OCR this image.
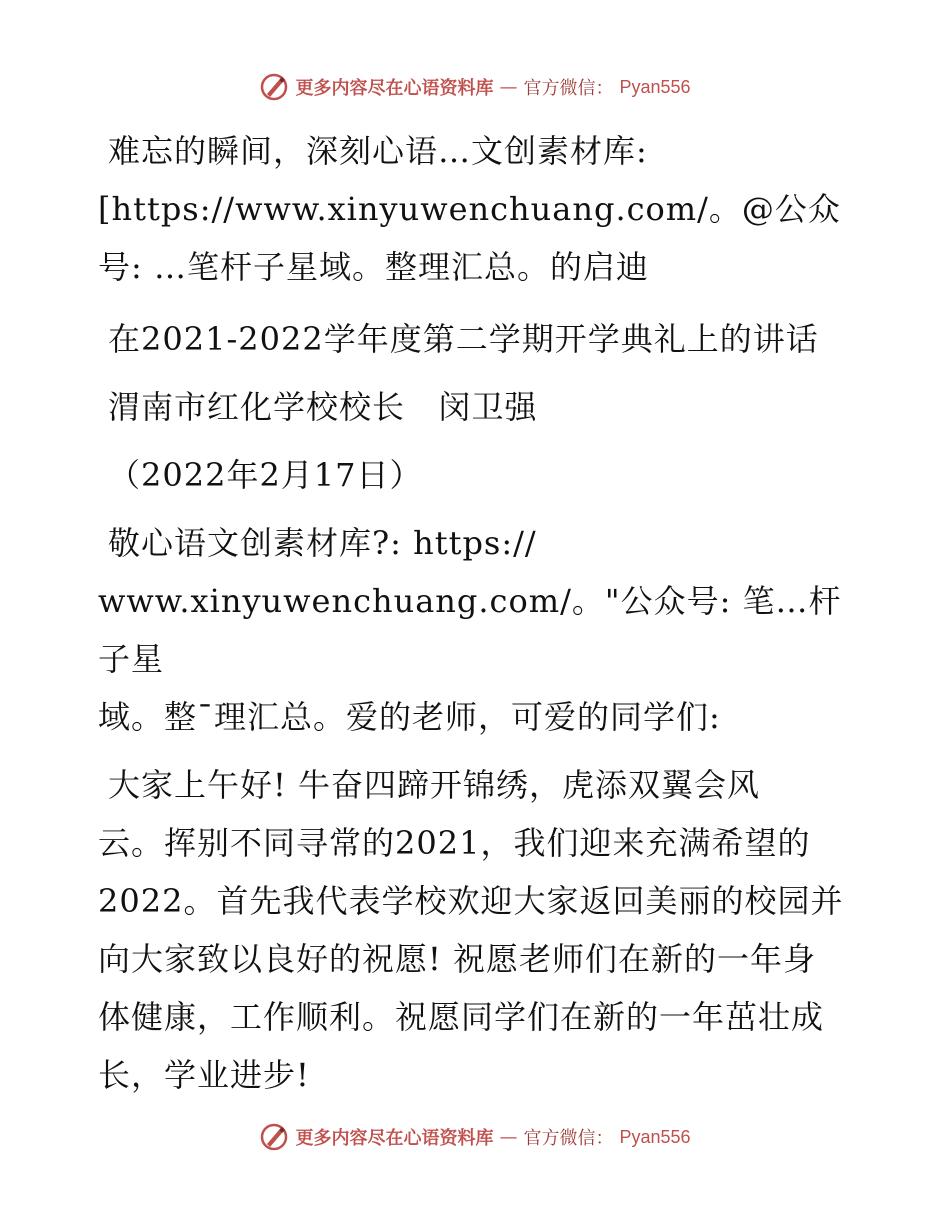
更多内容尽在心语资料库 — 官方微信： Pyan556

难忘的瞬间，深刻心语…文创素材库:

[https://www.xinyuwenchuang.com/。@公众

号: …笔杆子星域。整理汇总。的启迪

在2021-2022学年度第二学期开学典礼上的讲话

渭南市红化学校校长   闵卫强

（2022年2月17日）

敬心语文创素材库?: https://

www.xinyuwenchuang.com/。"公众号: 笔…杆子星

域。整¯理汇总。爱的老师，可爱的同学们:

大家上午好! 牛奋四蹄开锦绣，虎添双翼会风

云。挥别不同寻常的2021，我们迎来充满希望的

2022。首先我代表学校欢迎大家返回美丽的校园并

向大家致以良好的祝愿! 祝愿老师们在新的一年身

体健康，工作顺利。祝愿同学们在新的一年茁壮成

长，学业进步!

更多内容尽在心语资料库 — 官方微信： Pyan556
